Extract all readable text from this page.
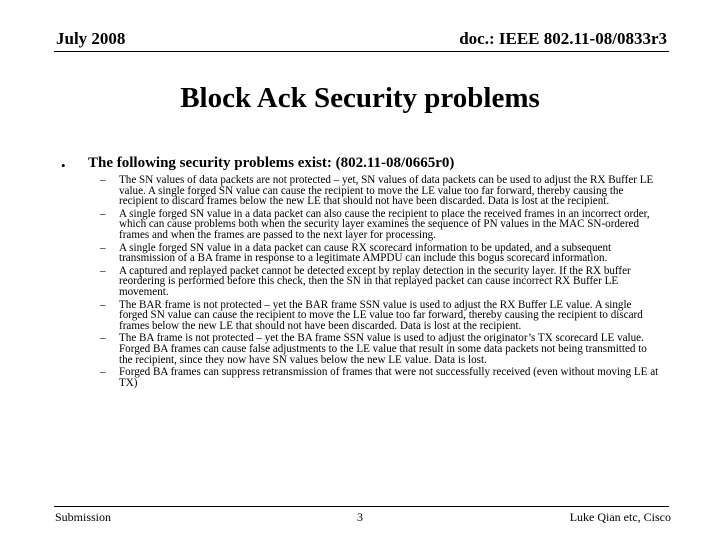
July 2008	doc.: IEEE 802.11-08/0833r3
Block Ack Security problems
• The following security problems exist: (802.11-08/0665r0)
– The SN values of data packets are not protected – yet, SN values of data packets can be used to adjust the RX Buffer LE value. A single forged SN value can cause the recipient to move the LE value too far forward, thereby causing the recipient to discard frames below the new LE that should not have been discarded. Data is lost at the recipient.
– A single forged SN value in a data packet can also cause the recipient to place the received frames in an incorrect order, which can cause problems both when the security layer examines the sequence of PN values in the MAC SN-ordered frames and when the frames are passed to the next layer for processing.
– A single forged SN value in a data packet can cause RX scorecard information to be updated, and a subsequent transmission of a BA frame in response to a legitimate AMPDU can include this bogus scorecard information.
– A captured and replayed packet cannot be detected except by replay detection in the security layer. If the RX buffer reordering is performed before this check, then the SN in that replayed packet can cause incorrect RX Buffer LE movement.
– The BAR frame is not protected – yet the BAR frame SSN value is used to adjust the RX Buffer LE value. A single forged SN value can cause the recipient to move the LE value too far forward, thereby causing the recipient to discard frames below the new LE that should not have been discarded. Data is lost at the recipient.
– The BA frame is not protected – yet the BA frame SSN value is used to adjust the originator’s TX scorecard LE value. Forged BA frames can cause false adjustments to the LE value that result in some data packets not being transmitted to the recipient, since they now have SN values below the new LE value. Data is lost.
– Forged BA frames can suppress retransmission of frames that were not successfully received (even without moving LE at TX)
Submission	3	Luke Qian etc, Cisco
